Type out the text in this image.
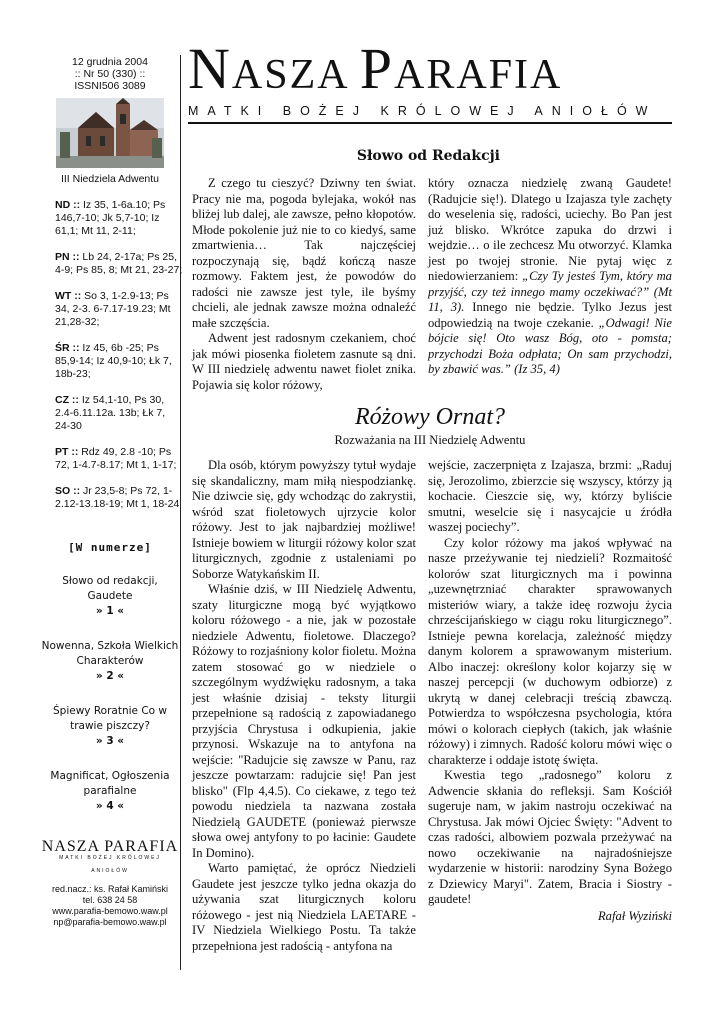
12 grudnia 2004
:: Nr 50 (330) ::
ISSNI506 3089
III Niedziela Adwentu
ND :: Iz 35, 1-6a.10; Ps 146,7-10; Jk 5,7-10; Iz 61,1; Mt 11, 2-11;
PN :: Lb 24, 2-17a; Ps 25, 4-9; Ps 85, 8; Mt 21, 23-27;
WT :: So 3, 1-2.9-13; Ps 34, 2-3. 6-7.17-19.23; Mt 21,28-32;
ŚR :: Iz 45, 6b -25; Ps 85,9-14; Iz 40,9-10; Łk 7, 18b-23;
CZ :: Iz 54,1-10, Ps 30, 2.4-6.11.12a. 13b; Łk 7, 24-30
PT :: Rdz 49, 2.8 -10; Ps 72, 1-4.7-8.17; Mt 1, 1-17;
SO :: Jr 23,5-8; Ps 72, 1-2.12-13.18-19; Mt 1, 18-24
[W numerze]
Słowo od redakcji, Gaudete
» 1 «
Nowenna, Szkoła Wielkich Charakterów
» 2 «
Śpiewy Roratnie Co w trawie piszczy?
» 3 «
Magnificat, Ogłoszenia parafialne
» 4 «
NASZA PARAFIA
MATKI BOŻEJ KRÓLOWEJ ANIOŁÓW
red.nacz.: ks. Rafał Kamiński
tel. 638 24 58
www.parafia-bemowo.waw.pl
np@parafia-bemowo.waw.pl
NASZA PARAFIA
MATKI BOŻEJ KRÓLOWEJ ANIOŁÓW
Słowo od Redakcji

Z czego tu cieszyć? Dziwny ten świat. Pracy nie ma, pogoda bylejaka, wokół nas bliżej lub dalej, ale zawsze, pełno kłopotów. Młode pokolenie już nie to co kiedyś, same zmartwienia… Tak najczęściej rozpoczynają się, bądź kończą nasze rozmowy. Faktem jest, że powodów do radości nie zawsze jest tyle, ile byśmy chcieli, ale jednak zawsze można odnaleźć małe szczęścia.

Adwent jest radosnym czekaniem, choć jak mówi piosenka fioletem zasnute są dni. W III niedzielę adwentu nawet fiolet znika. Pojawia się kolor różowy,

który oznacza niedzielę zwaną Gaudete! (Radujcie się!). Dlatego u Izajasza tyle zachęty do weselenia się, radości, uciechy. Bo Pan jest już blisko. Wkrótce zapuka do drzwi i wejdzie… o ile zechcesz Mu otworzyć. Klamka jest po twojej stronie. Nie pytaj więc z niedowierzaniem: „Czy Ty jesteś Tym, który ma przyjść, czy też innego mamy oczekiwać?” (Mt 11, 3). Innego nie będzie. Tylko Jezus jest odpowiedzią na twoje czekanie. „Odwagi! Nie bójcie się! Oto wasz Bóg, oto - pomsta; przychodzi Boża odpłata; On sam przychodzi, by zbawić was.” (Iz 35, 4)

Różowy Ornat?
Rozważania na III Niedzielę Adwentu

Dla osób, którym powyższy tytuł wydaje się skandaliczny, mam miłą niespodziankę. Nie dziwcie się, gdy wchodząc do zakrystii, wśród szat fioletowych ujrzycie kolor różowy. Jest to jak najbardziej możliwe! Istnieje bowiem w liturgii różowy kolor szat liturgicznych, zgodnie z ustaleniami po Soborze Watykańskim II.

Właśnie dziś, w III Niedzielę Adwentu, szaty liturgiczne mogą być wyjątkowo koloru różowego - a nie, jak w pozostałe niedziele Adwentu, fioletowe. Dlaczego? Różowy to rozjaśniony kolor fioletu. Można zatem stosować go w niedziele o szczególnym wydźwięku radosnym, a taka jest właśnie dzisiaj - teksty liturgii przepełnione są radością z zapowiadanego przyjścia Chrystusa i odkupienia, jakie przynosi. Wskazuje na to antyfona na wejście: "Radujcie się zawsze w Panu, raz jeszcze powtarzam: radujcie się! Pan jest blisko" (Flp 4,4.5). Co ciekawe, z tego też powodu niedziela ta nazwana została Niedzielą GAUDETE (ponieważ pierwsze słowa owej antyfony to po łacinie: Gaudete In Domino).

Warto pamiętać, że oprócz Niedzieli Gaudete jest jeszcze tylko jedna okazja do używania szat liturgicznych koloru różowego - jest nią Niedziela LAETARE - IV Niedziela Wielkiego Postu. Ta także przepełniona jest radością - antyfona na

wejście, zaczerpnięta z Izajasza, brzmi: „Raduj się, Jerozolimo, zbierzcie się wszyscy, którzy ją kochacie. Cieszcie się, wy, którzy byliście smutni, weselcie się i nasycajcie u źródła waszej pociechy”.

Czy kolor różowy ma jakoś wpływać na nasze przeżywanie tej niedzieli? Rozmaitość kolorów szat liturgicznych ma i powinna „uzewnętrzniać charakter sprawowanych misteriów wiary, a także ideę rozwoju życia chrześcijańskiego w ciągu roku liturgicznego”. Istnieje pewna korelacja, zależność między danym kolorem a sprawowanym misterium. Albo inaczej: określony kolor kojarzy się w naszej percepcji (w duchowym odbiorze) z ukrytą w danej celebracji treścią zbawczą. Potwierdza to współczesna psychologia, która mówi o kolorach ciepłych (takich, jak właśnie różowy) i zimnych. Radość koloru mówi więc o charakterze i oddaje istotę święta.

Kwestia tego „radosnego” koloru z Adwencie skłania do refleksji. Sam Kościół sugeruje nam, w jakim nastroju oczekiwać na Chrystusa. Jak mówi Ojciec Święty: "Advent to czas radości, albowiem pozwala przeżywać na nowo oczekiwanie na najradośniejsze wydarzenie w historii: narodziny Syna Bożego z Dziewicy Maryi". Zatem, Bracia i Siostry - gaudete!

Rafał Wyziński
